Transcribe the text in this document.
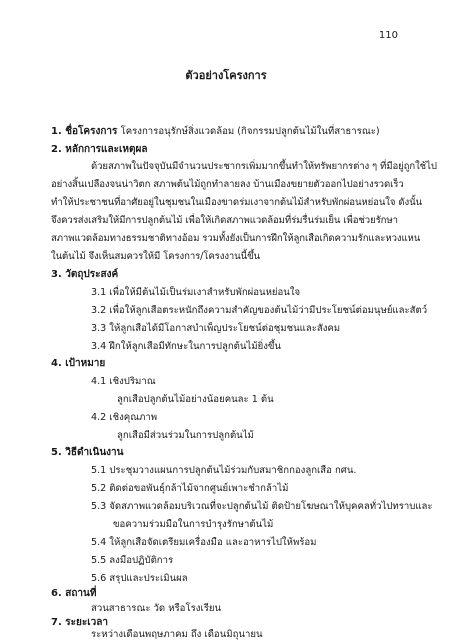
110
ตัวอย่างโครงการ
1. ชื่อโครงการ โครงการอนุรักษ์สิ่งแวดล้อม (กิจกรรมปลูกต้นไม้ในที่สาธารณะ)
2. หลักการและเหตุผล
ด้วยสภาพในปัจจุบันมีจำนวนประชากรเพิ่มมากขึ้นทำให้ทรัพยากรต่าง ๆ ที่มีอยู่ถูกใช้ไป
อย่างสิ้นเปลืองจนน่าวิตก สภาพต้นไม้ถูกทำลายลง บ้านเมืองขยายตัวออกไปอย่างรวดเร็ว
ทำให้ประชาชนที่อาศัยอยู่ในชุมชนในเมืองขาดร่มเงาจากต้นไม้สำหรับพักผ่อนหย่อนใจ ดังนั้น
จึงควรส่งเสริมให้มีการปลูกต้นไม้ เพื่อให้เกิดสภาพแวดล้อมที่ร่มรื่นร่มเย็น เพื่อช่วยรักษา
สภาพแวดล้อมทางธรรมชาติทางอ้อม รวมทั้งยังเป็นการฝึกให้ลูกเสือเกิดความรักและหวงแหน
ในต้นไม้ จึงเห็นสมควรให้มี โครงการ/โครงงานนี้ขึ้น
3. วัตถุประสงค์
3.1 เพื่อให้มีต้นไม้เป็นร่มเงาสำหรับพักผ่อนหย่อนใจ
3.2 เพื่อให้ลูกเสือตระหนักถึงความสำคัญของต้นไม้ว่ามีประโยชน์ต่อมนุษย์และสัตว์
3.3 ให้ลูกเสือได้มีโอกาสบำเพ็ญประโยชน์ต่อชุมชนและสังคม
3.4 ฝึกให้ลูกเสือมีทักษะในการปลูกต้นไม้ยิ่งขึ้น
4. เป้าหมาย
4.1 เชิงปริมาณ
ลูกเสือปลูกต้นไม้อย่างน้อยคนละ 1 ต้น
4.2 เชิงคุณภาพ
ลูกเสือมีส่วนร่วมในการปลูกต้นไม้
5. วิธีดำเนินงาน
5.1 ประชุมวางแผนการปลูกต้นไม้ร่วมกับสมาชิกกองลูกเสือ กศน.
5.2 ติดต่อขอพันธุ์กล้าไม้จากศูนย์เพาะชำกล้าไม้
5.3 จัดสภาพแวดล้อมบริเวณที่จะปลูกต้นไม้ ติดป้ายโฆษณาให้บุคคลทั่วไปทราบและ
ขอความร่วมมือในการบำรุงรักษาต้นไม้
5.4 ให้ลูกเสือจัดเตรียมเครื่องมือ และอาหารไปให้พร้อม
5.5 ลงมือปฏิบัติการ
5.6 สรุปและประเมินผล
6. สถานที่
สวนสาธารณะ วัด หรือโรงเรียน
7. ระยะเวลา
ระหว่างเดือนพฤษภาคม ถึง เดือนมิถุนายน
